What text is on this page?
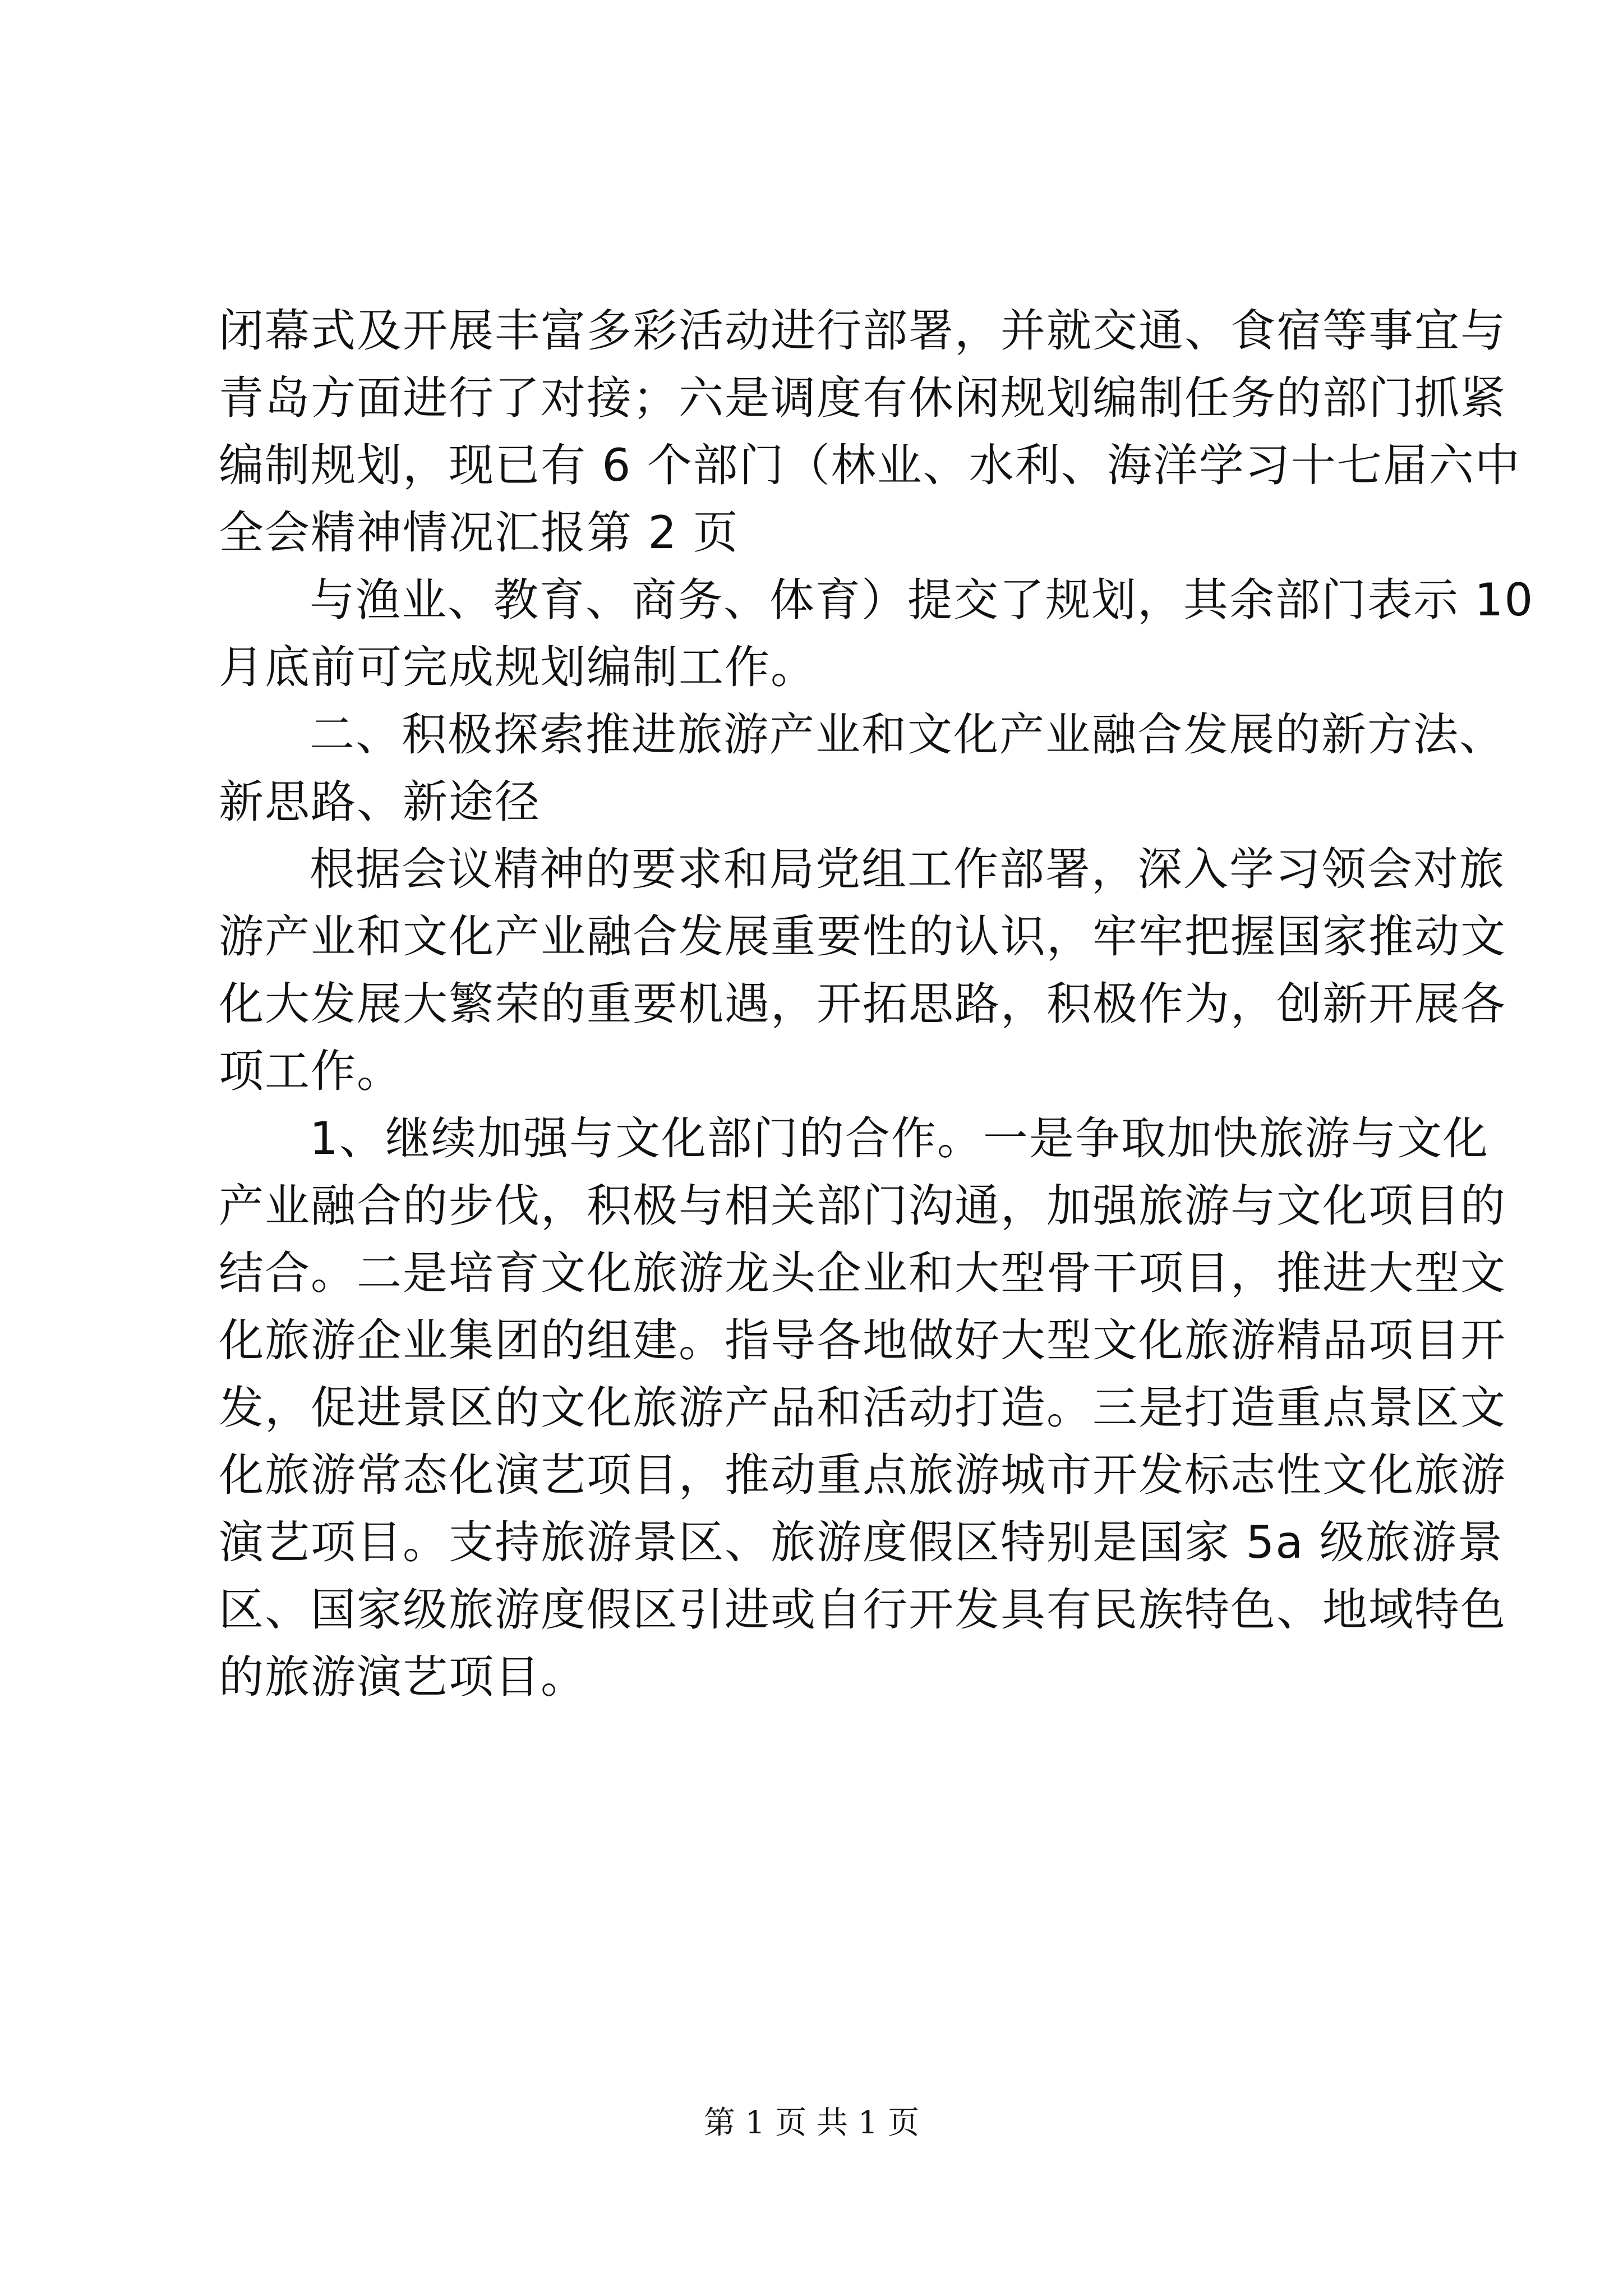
闭幕式及开展丰富多彩活动进行部署，并就交通、食宿等事宜与
青岛方面进行了对接；六是调度有休闲规划编制任务的部门抓紧
编制规划，现已有 6 个部门（林业、水利、海洋学习十七届六中
全会精神情况汇报第 2 页
与渔业、教育、商务、体育）提交了规划，其余部门表示 10
月底前可完成规划编制工作。
二、积极探索推进旅游产业和文化产业融合发展的新方法、
新思路、新途径
根据会议精神的要求和局党组工作部署，深入学习领会对旅
游产业和文化产业融合发展重要性的认识，牢牢把握国家推动文
化大发展大繁荣的重要机遇，开拓思路，积极作为，创新开展各
项工作。
1、继续加强与文化部门的合作。一是争取加快旅游与文化
产业融合的步伐，积极与相关部门沟通，加强旅游与文化项目的
结合。二是培育文化旅游龙头企业和大型骨干项目，推进大型文
化旅游企业集团的组建。指导各地做好大型文化旅游精品项目开
发，促进景区的文化旅游产品和活动打造。三是打造重点景区文
化旅游常态化演艺项目，推动重点旅游城市开发标志性文化旅游
演艺项目。支持旅游景区、旅游度假区特别是国家 5a 级旅游景
区、国家级旅游度假区引进或自行开发具有民族特色、地域特色
的旅游演艺项目。
第 1 页 共 1 页
